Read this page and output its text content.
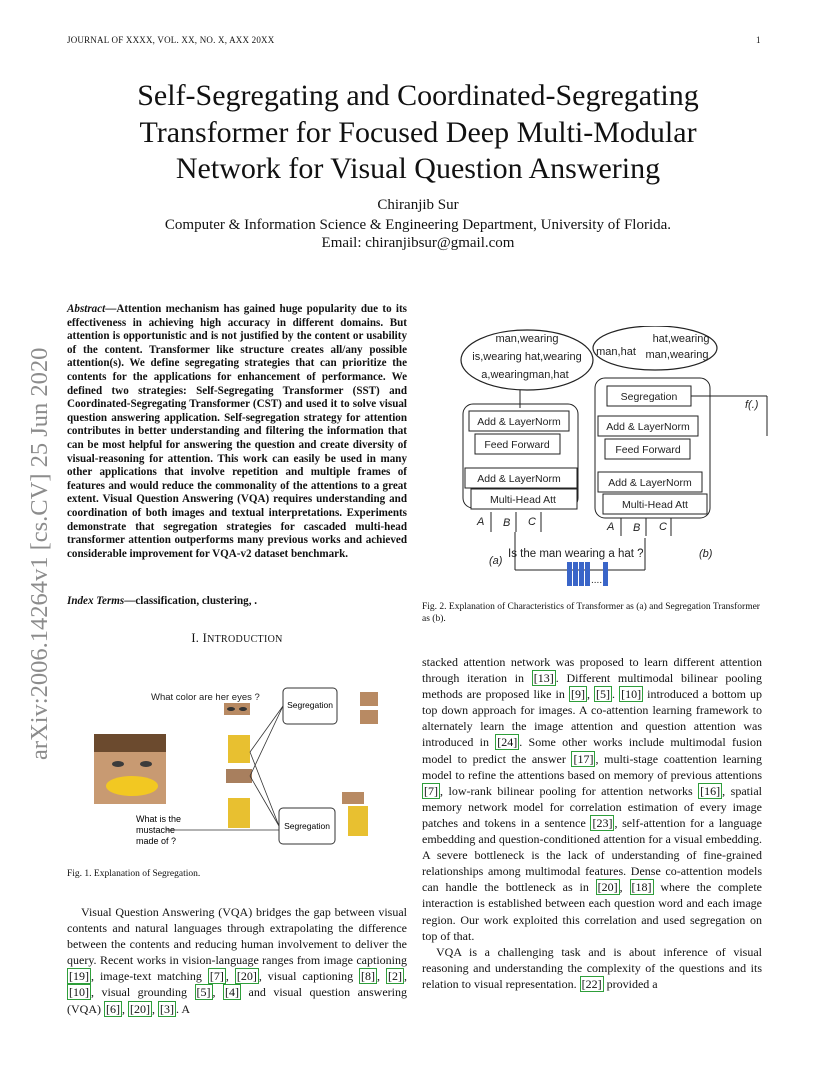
JOURNAL OF XXXX, VOL. XX, NO. X, AXX 20XX	1
Self-Segregating and Coordinated-Segregating
Transformer for Focused Deep Multi-Modular
Network for Visual Question Answering
Chiranjib Sur
Computer & Information Science & Engineering Department, University of Florida.
Email: chiranjibsur@gmail.com
arXiv:2006.14264v1 [cs.CV] 25 Jun 2020
Abstract—Attention mechanism has gained huge popularity due to its effectiveness in achieving high accuracy in different domains. But attention is opportunistic and is not justified by the content or usability of the content. Transformer like structure creates all/any possible attention(s). We define segregating strategies that can prioritize the contents for the applications for enhancement of performance. We defined two strategies: Self-Segregating Transformer (SST) and Coordinated-Segregating Transformer (CST) and used it to solve visual question answering application. Self-segregation strategy for attention contributes in better understanding and filtering the information that can be most helpful for answering the question and create diversity of visual-reasoning for attention. This work can easily be used in many other applications that involve repetition and multiple frames of features and would reduce the commonality of the attentions to a great extent. Visual Question Answering (VQA) requires understanding and coordination of both images and textual interpretations. Experiments demonstrate that segregation strategies for cascaded multi-head transformer attention outperforms many previous works and achieved considerable improvement for VQA-v2 dataset benchmark.
Index Terms—classification, clustering, .
I. INTRODUCTION
What color are her eyes ?
Segregation
Segregation
What is the mustache made of ?
Fig. 1. Explanation of Segregation.
man,wearing
is,wearing hat,wearing
a,wearingman,hat
hat,wearing
man,hat man,wearing
Add & LayerNorm
Feed Forward
Add & LayerNorm
Multi-Head Att
A B C
Segregation
f(.)
Add & LayerNorm
Feed Forward
Add & LayerNorm
Multi-Head Att
A B C
(a)
(b)
Is the man wearing a hat ?
....
Fig. 2. Explanation of Characteristics of Transformer as (a) and Segregation Transformer as (b).

Visual Question Answering (VQA) bridges the gap between visual contents and natural languages through extrapolating the difference between the contents and reducing human involvement to deliver the query. Recent works in vision-language ranges from image captioning [19] , image-text matching [7] , [20] , visual captioning [8] , [2] , [10] , visual grounding [5] , [4] and visual question answering (VQA) [6] , [20] , [3] . A

stacked attention network was proposed to learn different attention through iteration in [13] . Different multimodal bilinear pooling methods are proposed like in [9] , [5] . [10] introduced a bottom up top down approach for images. A co-attention learning framework to alternately learn the image attention and question attention was introduced in [24] . Some other works include multimodal fusion model to predict the answer [17] , multi-stage coattention learning model to refine the attentions based on memory of previous attentions [7] , low-rank bilinear pooling for attention networks [16] , spatial memory network model for correlation estimation of every image patches and tokens in a sentence [23] , self-attention for a language embedding and question-conditioned attention for a visual embedding. A severe bottleneck is the lack of understanding of fine-grained relationships among multimodal features. Dense co-attention models can handle the bottleneck as in [20] , [18] where the complete interaction is established between each question word and each image region. Our work exploited this correlation and used segregation on top of that.

VQA is a challenging task and is about inference of visual reasoning and understanding the complexity of the questions and its relation to visual representation. [22] provided a
